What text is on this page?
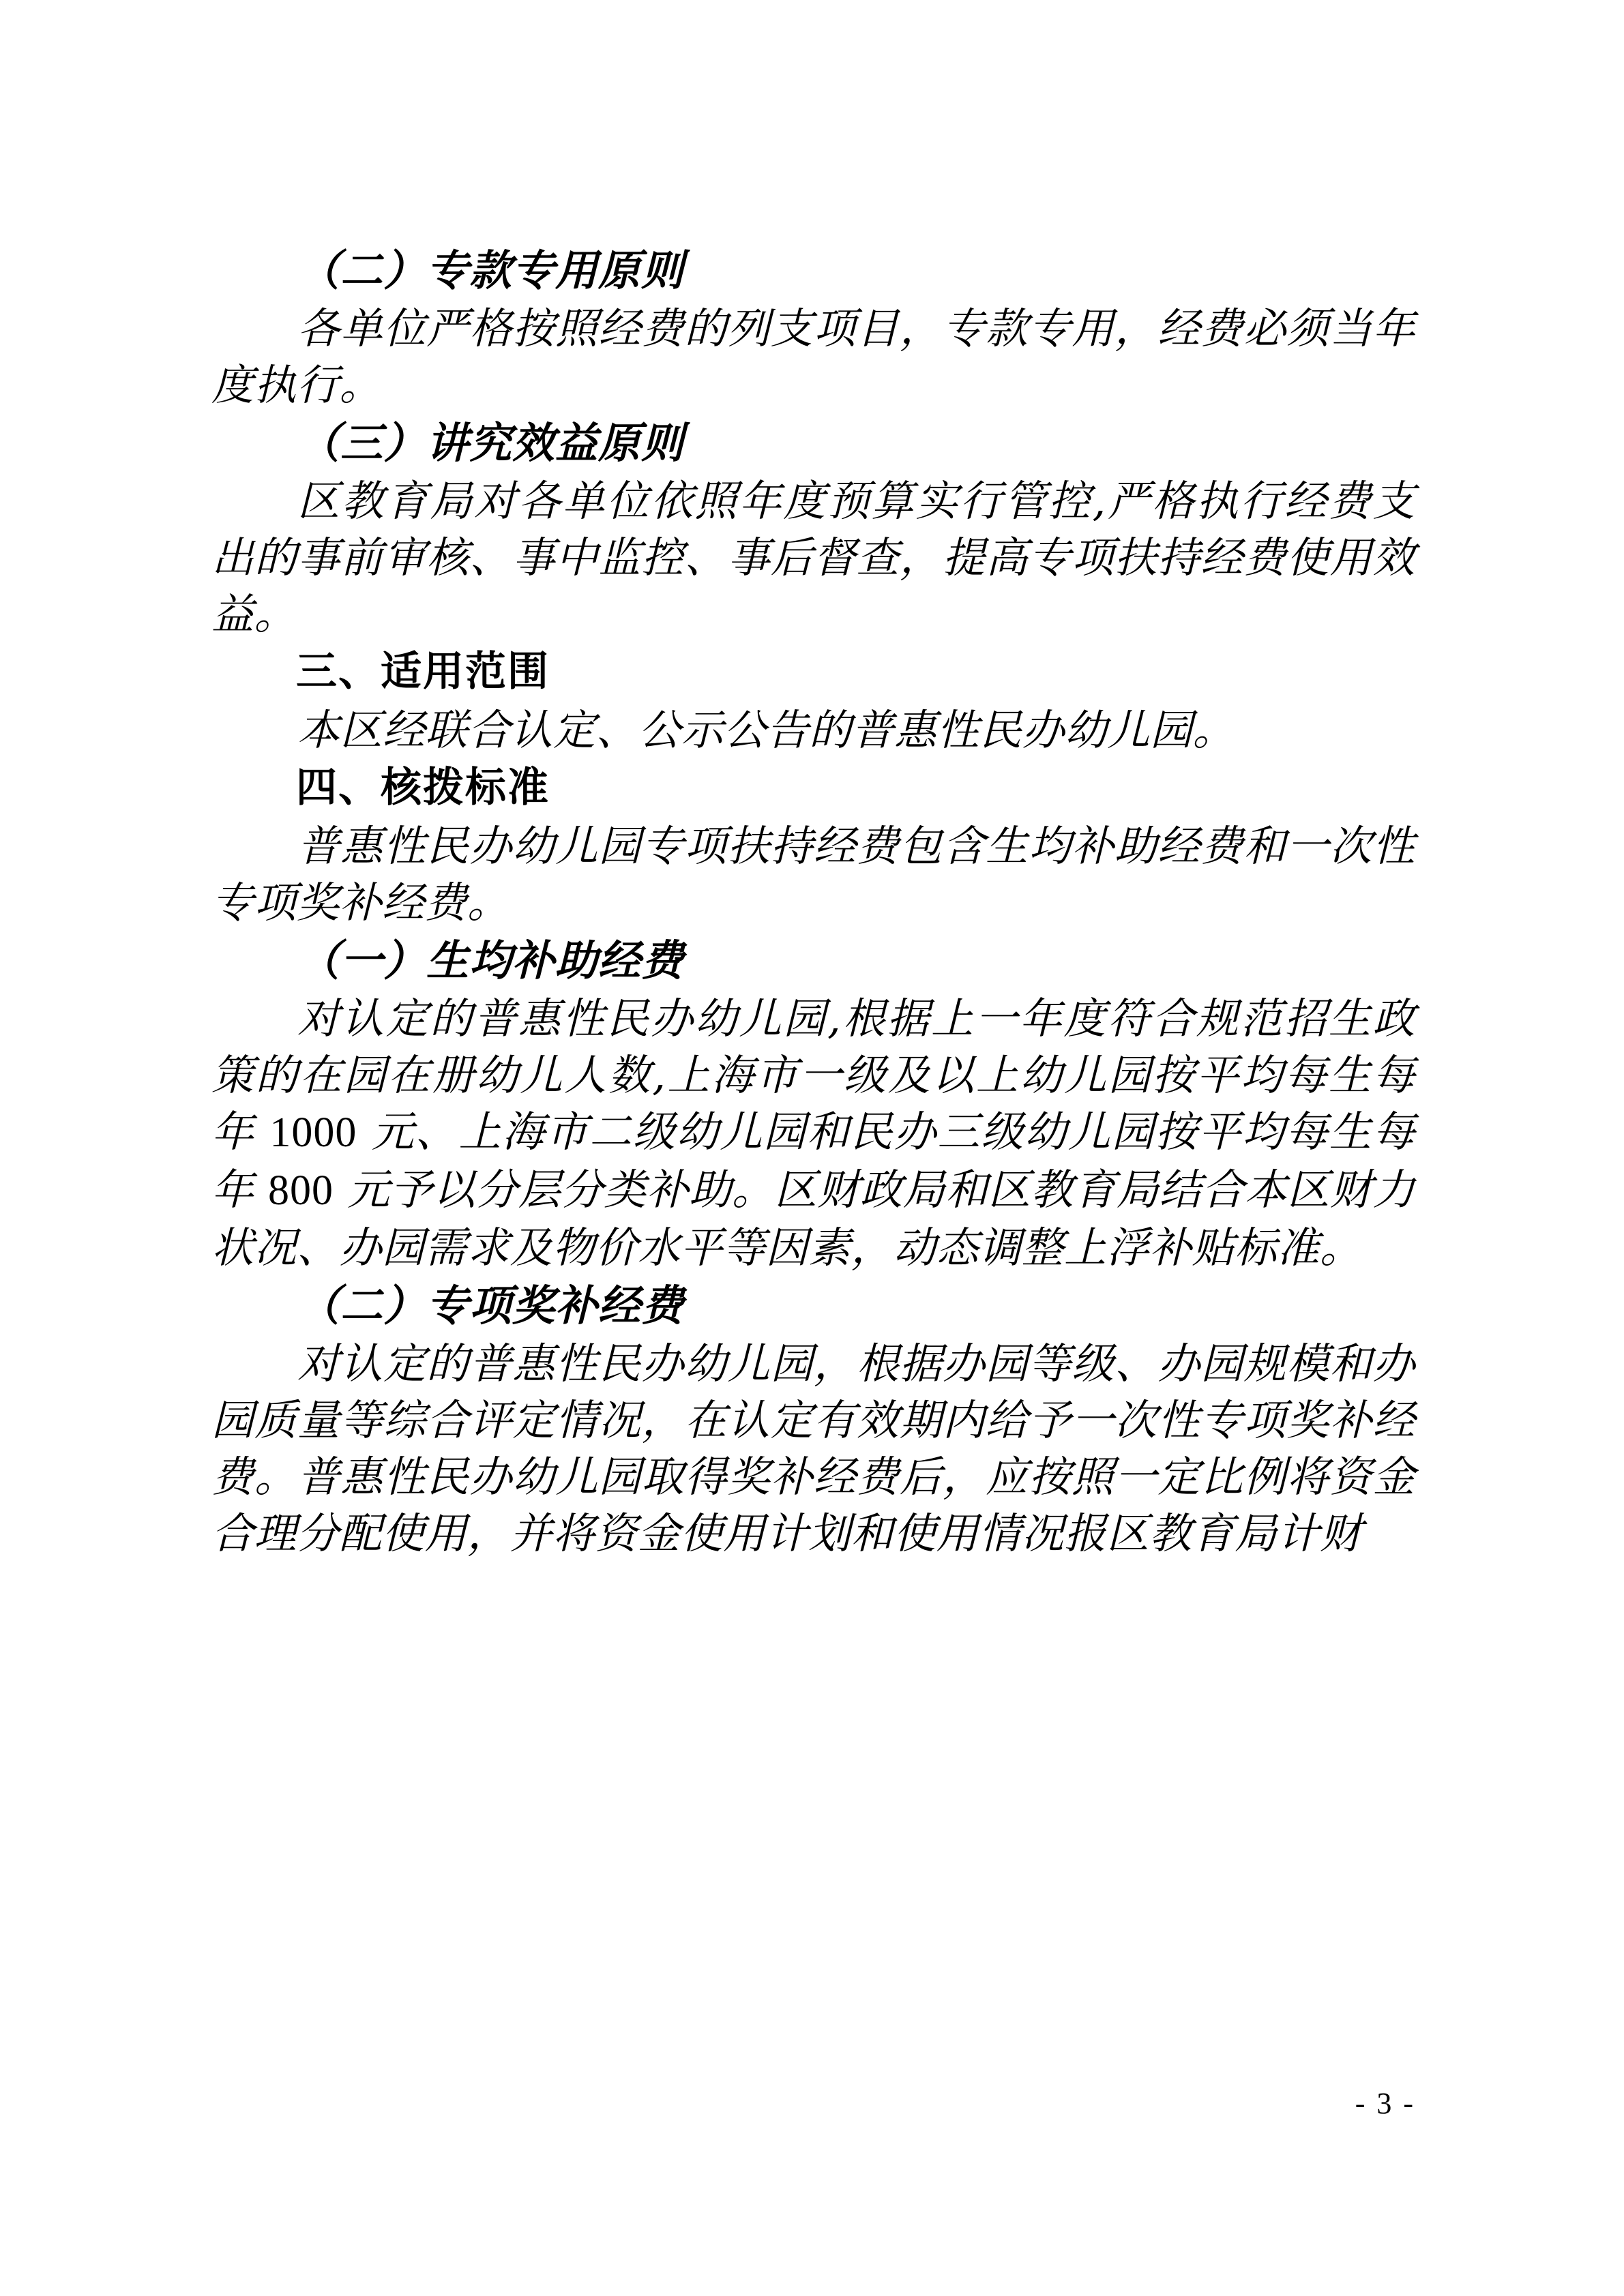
（二）专款专用原则

各单位严格按照经费的列支项目，专款专用，经费必须当年度执行。

（三）讲究效益原则

区教育局对各单位依照年度预算实行管控,严格执行经费支出的事前审核、事中监控、事后督查，提高专项扶持经费使用效益。

三、适用范围

本区经联合认定、公示公告的普惠性民办幼儿园。

四、核拨标准

普惠性民办幼儿园专项扶持经费包含生均补助经费和一次性专项奖补经费。

（一）生均补助经费

对认定的普惠性民办幼儿园,根据上一年度符合规范招生政策的在园在册幼儿人数,上海市一级及以上幼儿园按平均每生每年 1000 元、上海市二级幼儿园和民办三级幼儿园按平均每生每年 800 元予以分层分类补助。区财政局和区教育局结合本区财力状况、办园需求及物价水平等因素，动态调整上浮补贴标准。

（二）专项奖补经费

对认定的普惠性民办幼儿园，根据办园等级、办园规模和办园质量等综合评定情况，在认定有效期内给予一次性专项奖补经费。普惠性民办幼儿园取得奖补经费后，应按照一定比例将资金合理分配使用，并将资金使用计划和使用情况报区教育局计财

- 3 -
